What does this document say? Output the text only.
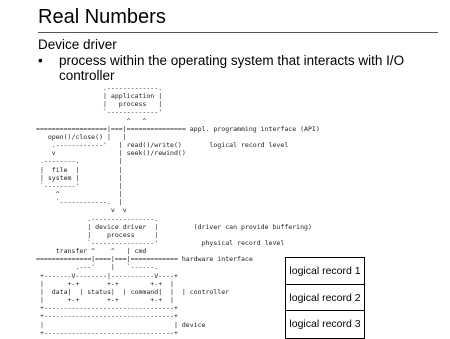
Real Numbers
Device driver
• process within the operating system that interacts with I/O controller
.-------------.
| application |
|   process   |
`-------------'
^   ^
==================|===|=============== appl. programming interface (API)
open()/close() |   |
.------------'   | read()/write()       logical record level
v                | seek()/rewind()
.--------.          |
|  file  |          |
| system |          |
`--------'          |
^               |
`------------.  |
v  v
.----------------.
| device driver  |         (driver can provide buffering)
|    process     |
`----------------'           physical record level
transfer ^    ^   | cmd
==============|====|===|============ hardware interface
.---'    |   `------.
+-------V--------|-----------V----+
|      +-+       +-+        +-+  |
|  data|  | status|  | command|  |  | controller
|      +-+       +-+        +-+  |
+---------------------------------+
+---------------------------------+
|                                 | device
+---------------------------------+
logical record 1
logical record 2
logical record 3
